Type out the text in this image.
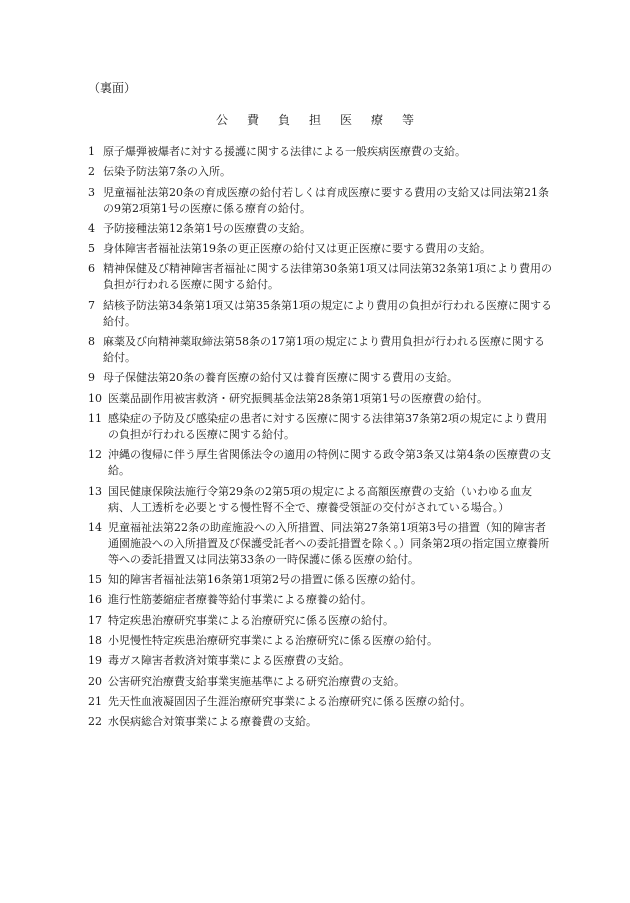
（裏面）
公費負担医療等
1 原子爆弾被爆者に対する援護に関する法律による一般疾病医療費の支給。
2 伝染予防法第7条の入所。
3 児童福祉法第20条の育成医療の給付若しくは育成医療に要する費用の支給又は同法第21条の9第2項第1号の医療に係る療育の給付。
4 予防接種法第12条第1号の医療費の支給。
5 身体障害者福祉法第19条の更正医療の給付又は更正医療に要する費用の支給。
6 精神保健及び精神障害者福祉に関する法律第30条第1項又は同法第32条第1項により費用の負担が行われる医療に関する給付。
7 結核予防法第34条第1項又は第35条第1項の規定により費用の負担が行われる医療に関する給付。
8 麻薬及び向精神薬取締法第58条の17第1項の規定により費用負担が行われる医療に関する給付。
9 母子保健法第20条の養育医療の給付又は養育医療に関する費用の支給。
10 医薬品副作用被害救済・研究振興基金法第28条第1項第1号の医療費の給付。
11 感染症の予防及び感染症の患者に対する医療に関する法律第37条第2項の規定により費用の負担が行われる医療に関する給付。
12 沖縄の復帰に伴う厚生省関係法令の適用の特例に関する政令第3条又は第4条の医療費の支給。
13 国民健康保険法施行令第29条の2第5項の規定による高額医療費の支給（いわゆる血友病、人工透析を必要とする慢性腎不全で、療養受領証の交付がされている場合。）
14 児童福祉法第22条の助産施設への入所措置、同法第27条第1項第3号の措置（知的障害者通園施設への入所措置及び保護受託者への委託措置を除く。）同条第2項の指定国立療養所等への委託措置又は同法第33条の一時保護に係る医療の給付。
15 知的障害者福祉法第16条第1項第2号の措置に係る医療の給付。
16 進行性筋萎縮症者療養等給付事業による療養の給付。
17 特定疾患治療研究事業による治療研究に係る医療の給付。
18 小児慢性特定疾患治療研究事業による治療研究に係る医療の給付。
19 毒ガス障害者救済対策事業による医療費の支給。
20 公害研究治療費支給事業実施基準による研究治療費の支給。
21 先天性血液凝固因子生涯治療研究事業による治療研究に係る医療の給付。
22 水俣病総合対策事業による療養費の支給。
